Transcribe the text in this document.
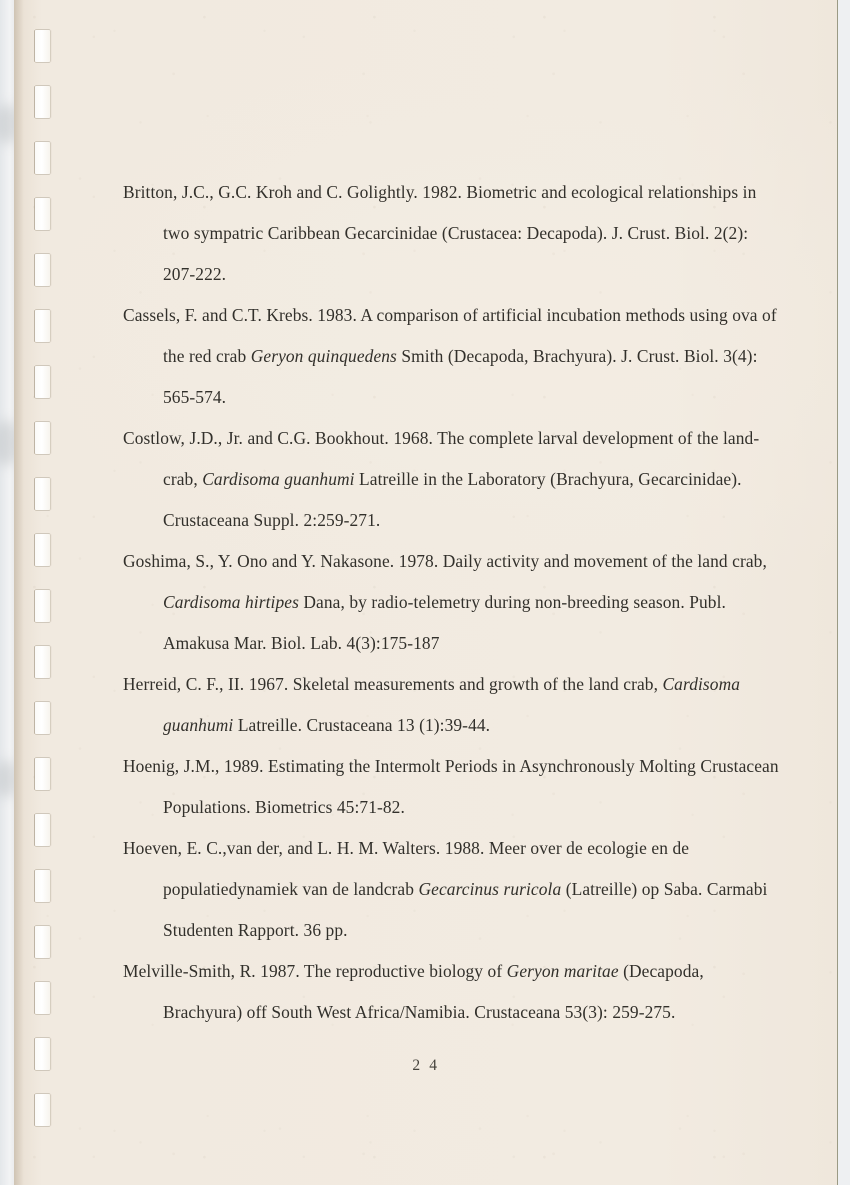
Britton, J.C., G.C. Kroh and C. Golightly. 1982. Biometric and ecological relationships in two sympatric Caribbean Gecarcinidae (Crustacea: Decapoda). J. Crust. Biol. 2(2): 207-222.

Cassels, F. and C.T. Krebs. 1983. A comparison of artificial incubation methods using ova of the red crab Geryon quinquedens Smith (Decapoda, Brachyura). J. Crust. Biol. 3(4): 565-574.

Costlow, J.D., Jr. and C.G. Bookhout. 1968. The complete larval development of the land-crab, Cardisoma guanhumi Latreille in the Laboratory (Brachyura, Gecarcinidae). Crustaceana Suppl. 2:259-271.

Goshima, S., Y. Ono and Y. Nakasone. 1978. Daily activity and movement of the land crab, Cardisoma hirtipes Dana, by radio-telemetry during non-breeding season. Publ. Amakusa Mar. Biol. Lab. 4(3):175-187

Herreid, C. F., II. 1967. Skeletal measurements and growth of the land crab, Cardisoma guanhumi Latreille. Crustaceana 13 (1):39-44.

Hoenig, J.M., 1989. Estimating the Intermolt Periods in Asynchronously Molting Crustacean Populations. Biometrics 45:71-82.

Hoeven, E. C.,van der, and L. H. M. Walters. 1988. Meer over de ecologie en de populatiedynamiek van de landcrab Gecarcinus ruricola (Latreille) op Saba. Carmabi Studenten Rapport. 36 pp.

Melville-Smith, R. 1987. The reproductive biology of Geryon maritae (Decapoda, Brachyura) off South West Africa/Namibia. Crustaceana 53(3): 259-275.

2 4
